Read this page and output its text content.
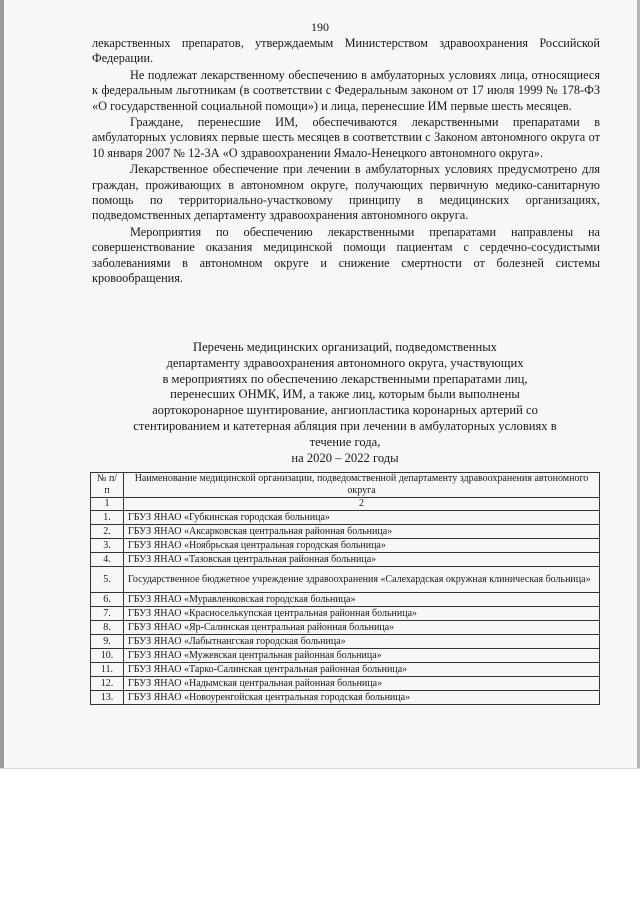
190

лекарственных препаратов, утверждаемым Министерством здравоохранения Российской Федерации.

Не подлежат лекарственному обеспечению в амбулаторных условиях лица, относящиеся к федеральным льготникам (в соответствии с Федеральным законом от 17 июля 1999 № 178-ФЗ «О государственной социальной помощи») и лица, перенесшие ИМ первые шесть месяцев.

Граждане, перенесшие ИМ, обеспечиваются лекарственными препаратами в амбулаторных условиях первые шесть месяцев в соответствии с Законом автономного округа от 10 января 2007 № 12-ЗА «О здравоохранении Ямало-Ненецкого автономного округа».

Лекарственное обеспечение при лечении в амбулаторных условиях предусмотрено для граждан, проживающих в автономном округе, получающих первичную медико-санитарную помощь по территориально-участковому принципу в медицинских организациях, подведомственных департаменту здравоохранения автономного округа.

Мероприятия по обеспечению лекарственными препаратами направлены на совершенствование оказания медицинской помощи пациентам с сердечно-сосудистыми заболеваниями в автономном округе и снижение смертности от болезней системы кровообращения.

Перечень медицинских организаций, подведомственных
департаменту здравоохранения автономного округа, участвующих
в мероприятиях по обеспечению лекарственными препаратами лиц,
перенесших ОНМК, ИМ, а также лиц, которым были выполнены
аортокоронарное шунтирование, ангиопластика коронарных артерий со
стентированием и катетерная абляция при лечении в амбулаторных условиях в
течение года,
на 2020 – 2022 годы
№ п/п	Наименование медицинской организации, подведомственной департаменту здравоохранения автономного округа
1	2
1.	ГБУЗ ЯНАО «Губкинская городская больница»
2.	ГБУЗ ЯНАО «Аксарковская центральная районная больница»
3.	ГБУЗ ЯНАО «Ноябрьская центральная городская больница»
4.	ГБУЗ ЯНАО «Тазовская центральная районная больница»
5.	Государственное бюджетное учреждение здравоохранения «Салехардская окружная клиническая больница»
6.	ГБУЗ ЯНАО «Муравленковская городская больница»
7.	ГБУЗ ЯНАО «Красноселькупская центральная районная больница»
8.	ГБУЗ ЯНАО «Яр-Салинская центральная районная больница»
9.	ГБУЗ ЯНАО «Лабытнангская городская больница»
10.	ГБУЗ ЯНАО «Мужевская центральная районная больница»
11.	ГБУЗ ЯНАО «Тарко-Салинская центральная районная больница»
12.	ГБУЗ ЯНАО «Надымская центральная районная больница»
13.	ГБУЗ ЯНАО «Новоуренгойская центральная городская больница»
